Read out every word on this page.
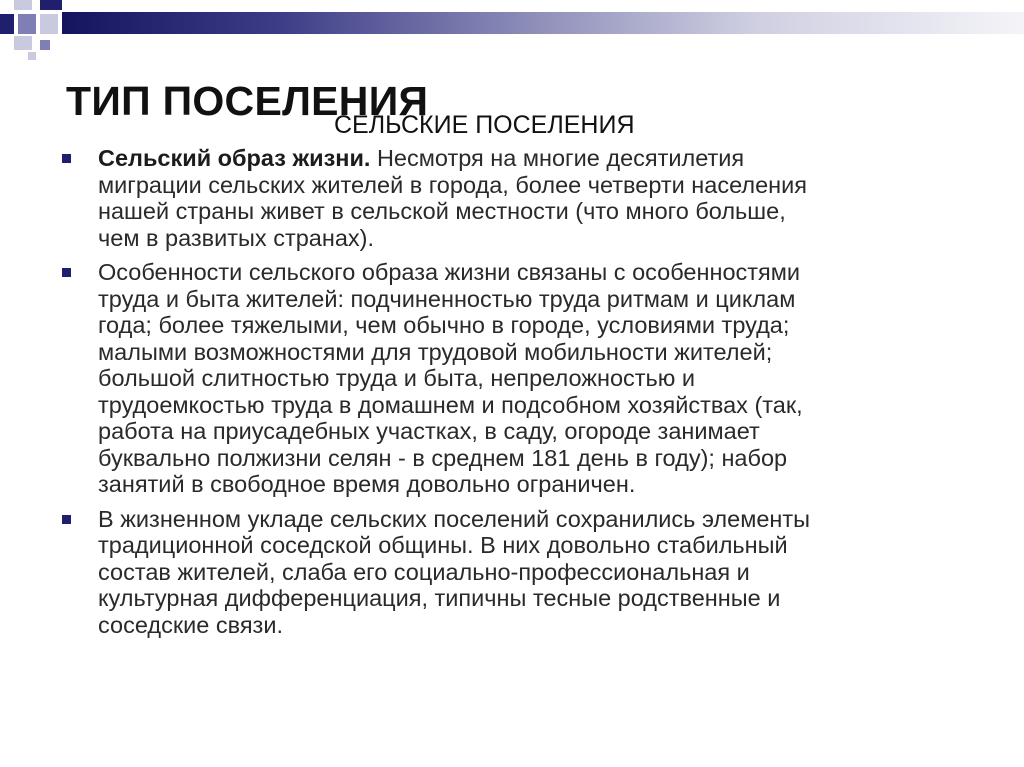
ТИП ПОСЕЛЕНИЯ
СЕЛЬСКИЕ ПОСЕЛЕНИЯ
Сельский образ жизни. Несмотря на многие десятилетия
миграции сельских жителей в города, более четверти населения
нашей страны живет в сельской местности (что много больше,
чем в развитых странах).
Особенности сельского образа жизни связаны с особенностями
труда и быта жителей: подчиненностью труда ритмам и циклам
года; более тяжелыми, чем обычно в городе, условиями труда;
малыми возможностями для трудовой мобильности жителей;
большой слитностью труда и быта, непреложностью и
трудоемкостью труда в домашнем и подсобном хозяйствах (так,
работа на приусадебных участках, в саду, огороде занимает
буквально полжизни селян - в среднем 181 день в году); набор
занятий в свободное время довольно ограничен.
В жизненном укладе сельских поселений сохранились элементы
традиционной соседской общины. В них довольно стабильный
состав жителей, слаба его социально-профессиональная и
культурная дифференциация, типичны тесные родственные и
соседские связи.
